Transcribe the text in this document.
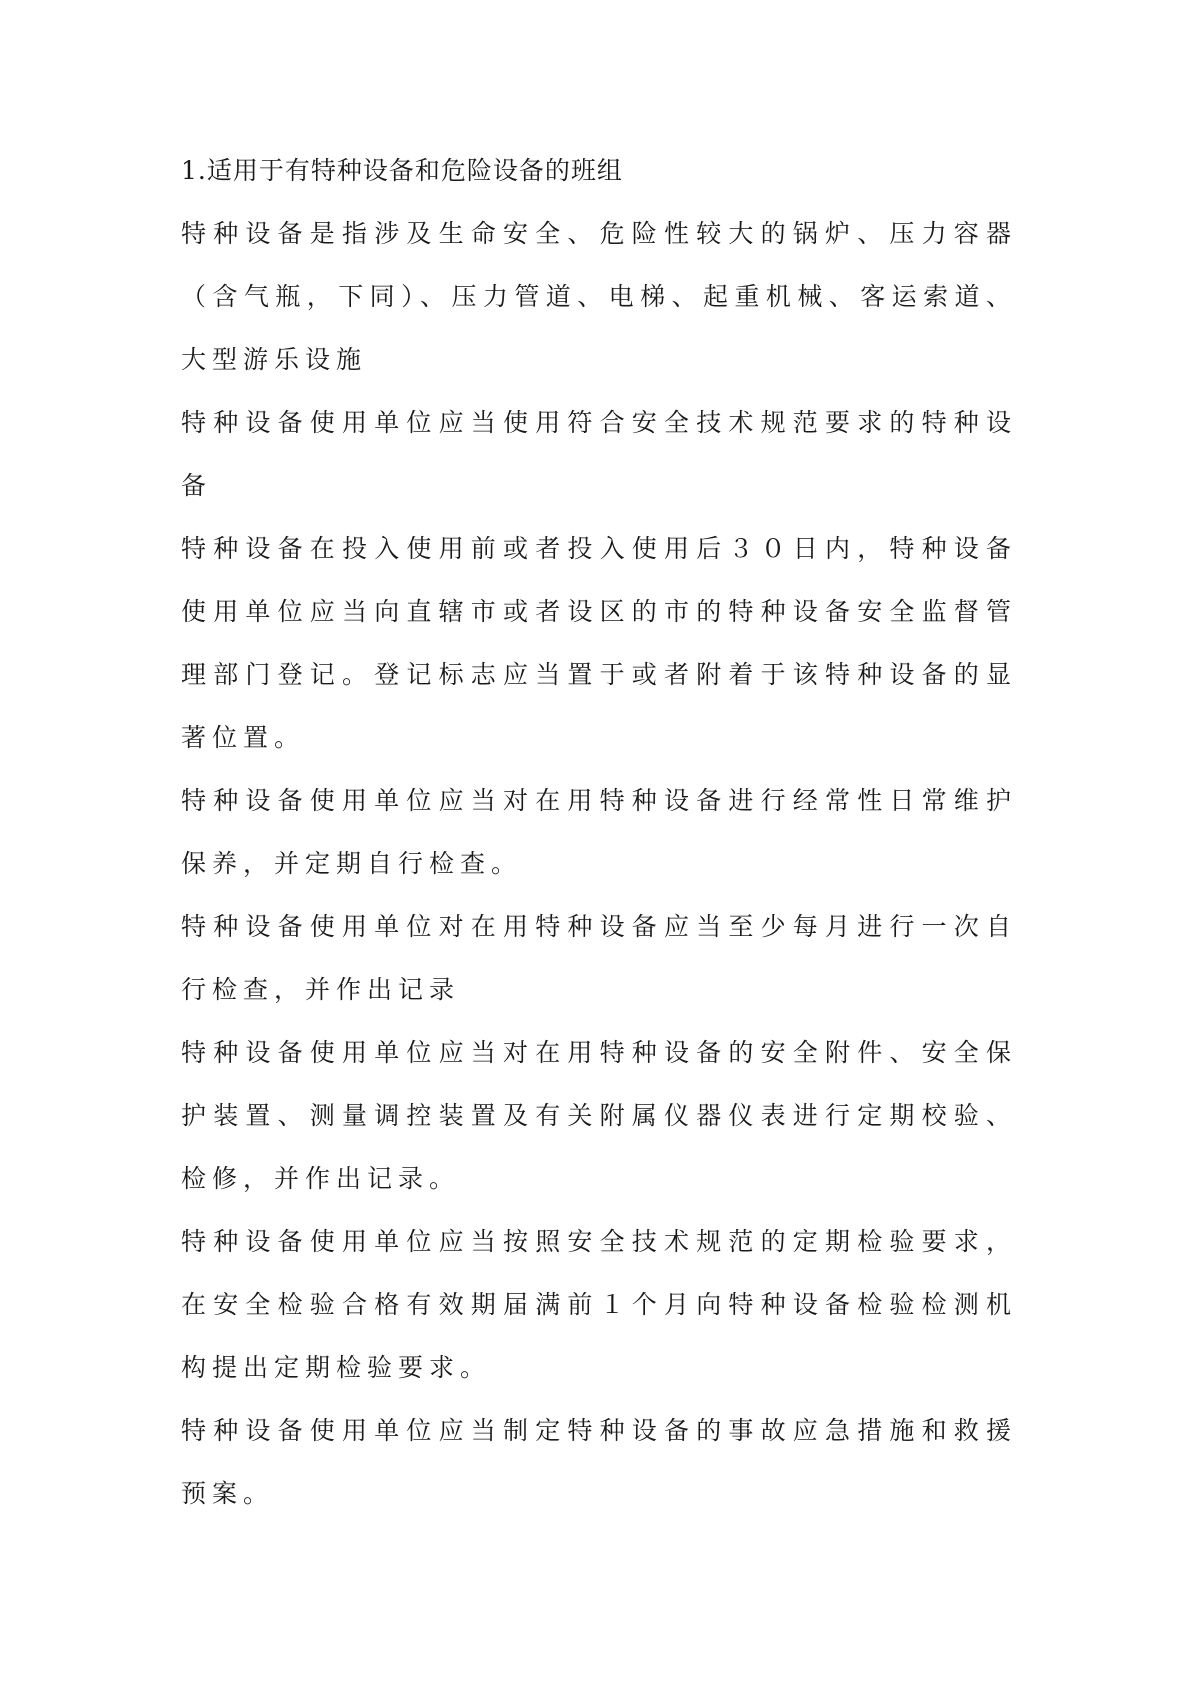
1.适用于有特种设备和危险设备的班组

特种设备是指涉及生命安全、危险性较大的锅炉、压力容器（含气瓶，下同）、压力管道、电梯、起重机械、客运索道、大型游乐设施

特种设备使用单位应当使用符合安全技术规范要求的特种设备

特种设备在投入使用前或者投入使用后３０日内，特种设备使用单位应当向直辖市或者设区的市的特种设备安全监督管理部门登记。登记标志应当置于或者附着于该特种设备的显著位置。

特种设备使用单位应当对在用特种设备进行经常性日常维护保养，并定期自行检查。

特种设备使用单位对在用特种设备应当至少每月进行一次自行检查，并作出记录

特种设备使用单位应当对在用特种设备的安全附件、安全保护装置、测量调控装置及有关附属仪器仪表进行定期校验、检修，并作出记录。

特种设备使用单位应当按照安全技术规范的定期检验要求，在安全检验合格有效期届满前１个月向特种设备检验检测机构提出定期检验要求。

特种设备使用单位应当制定特种设备的事故应急措施和救援预案。
